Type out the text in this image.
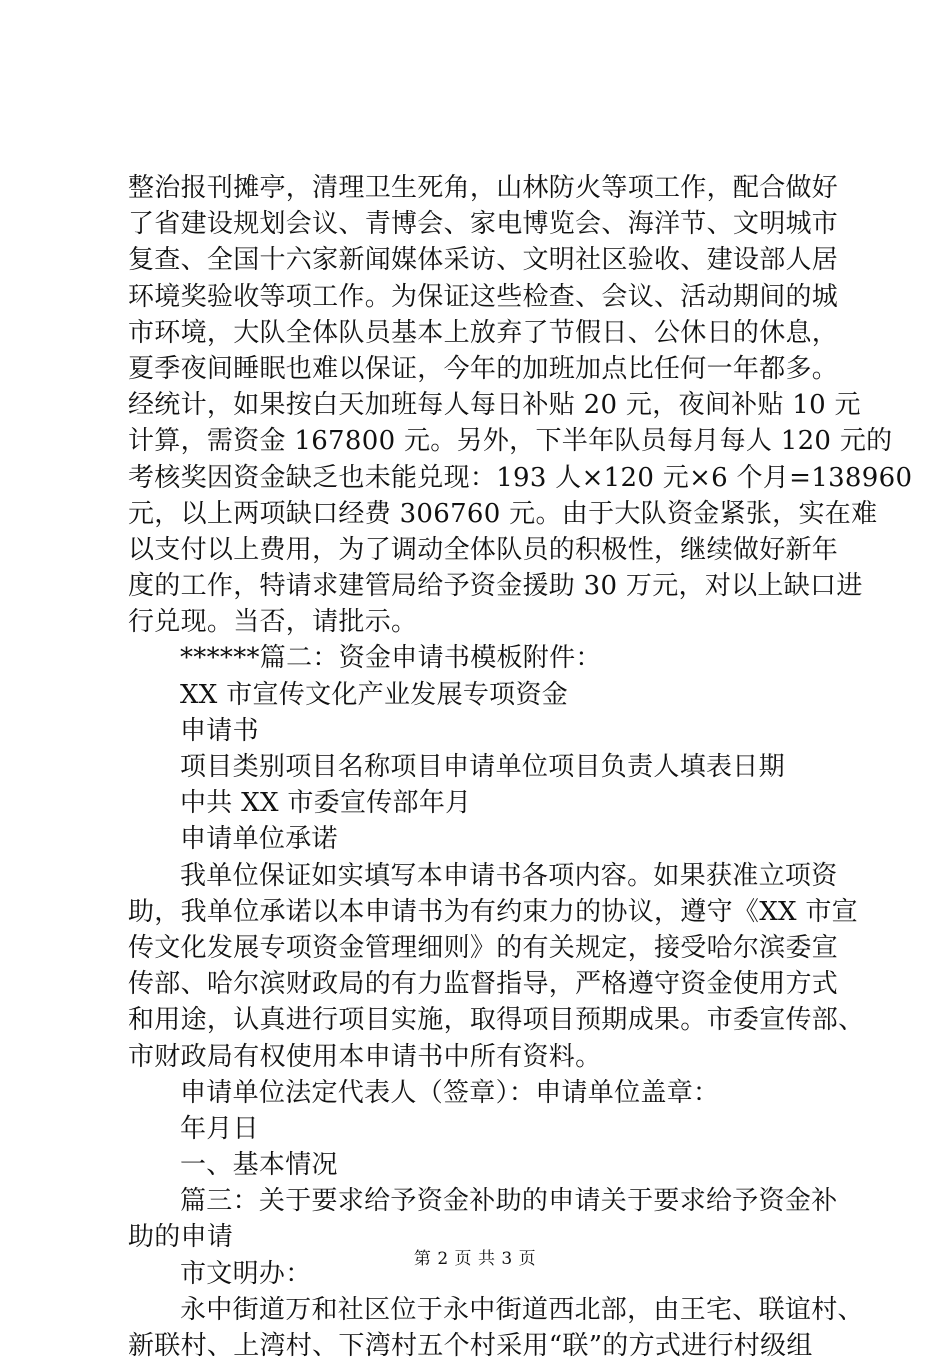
整治报刊摊亭，清理卫生死角，山林防火等项工作，配合做好
了省建设规划会议、青博会、家电博览会、海洋节、文明城市
复查、全国十六家新闻媒体采访、文明社区验收、建设部人居
环境奖验收等项工作。为保证这些检查、会议、活动期间的城
市环境，大队全体队员基本上放弃了节假日、公休日的休息，
夏季夜间睡眠也难以保证，今年的加班加点比任何一年都多。
经统计，如果按白天加班每人每日补贴 20 元，夜间补贴 10 元
计算，需资金 167800 元。另外，下半年队员每月每人 120 元的
考核奖因资金缺乏也未能兑现：193 人×120 元×6 个月=138960
元，以上两项缺口经费 306760 元。由于大队资金紧张，实在难
以支付以上费用，为了调动全体队员的积极性，继续做好新年
度的工作，特请求建管局给予资金援助 30 万元，对以上缺口进
行兑现。当否，请批示。
******篇二：资金申请书模板附件：
XX 市宣传文化产业发展专项资金
申请书
项目类别项目名称项目申请单位项目负责人填表日期
中共 XX 市委宣传部年月
申请单位承诺
我单位保证如实填写本申请书各项内容。如果获准立项资
助，我单位承诺以本申请书为有约束力的协议，遵守《XX 市宣
传文化发展专项资金管理细则》的有关规定，接受哈尔滨委宣
传部、哈尔滨财政局的有力监督指导，严格遵守资金使用方式
和用途，认真进行项目实施，取得项目预期成果。市委宣传部、
市财政局有权使用本申请书中所有资料。
申请单位法定代表人（签章）：申请单位盖章：
年月日
一、基本情况
篇三：关于要求给予资金补助的申请关于要求给予资金补
助的申请
市文明办：
永中街道万和社区位于永中街道西北部，由王宅、联谊村、
新联村、上湾村、下湾村五个村采用“联”的方式进行村级组
第 2 页 共 3 页
